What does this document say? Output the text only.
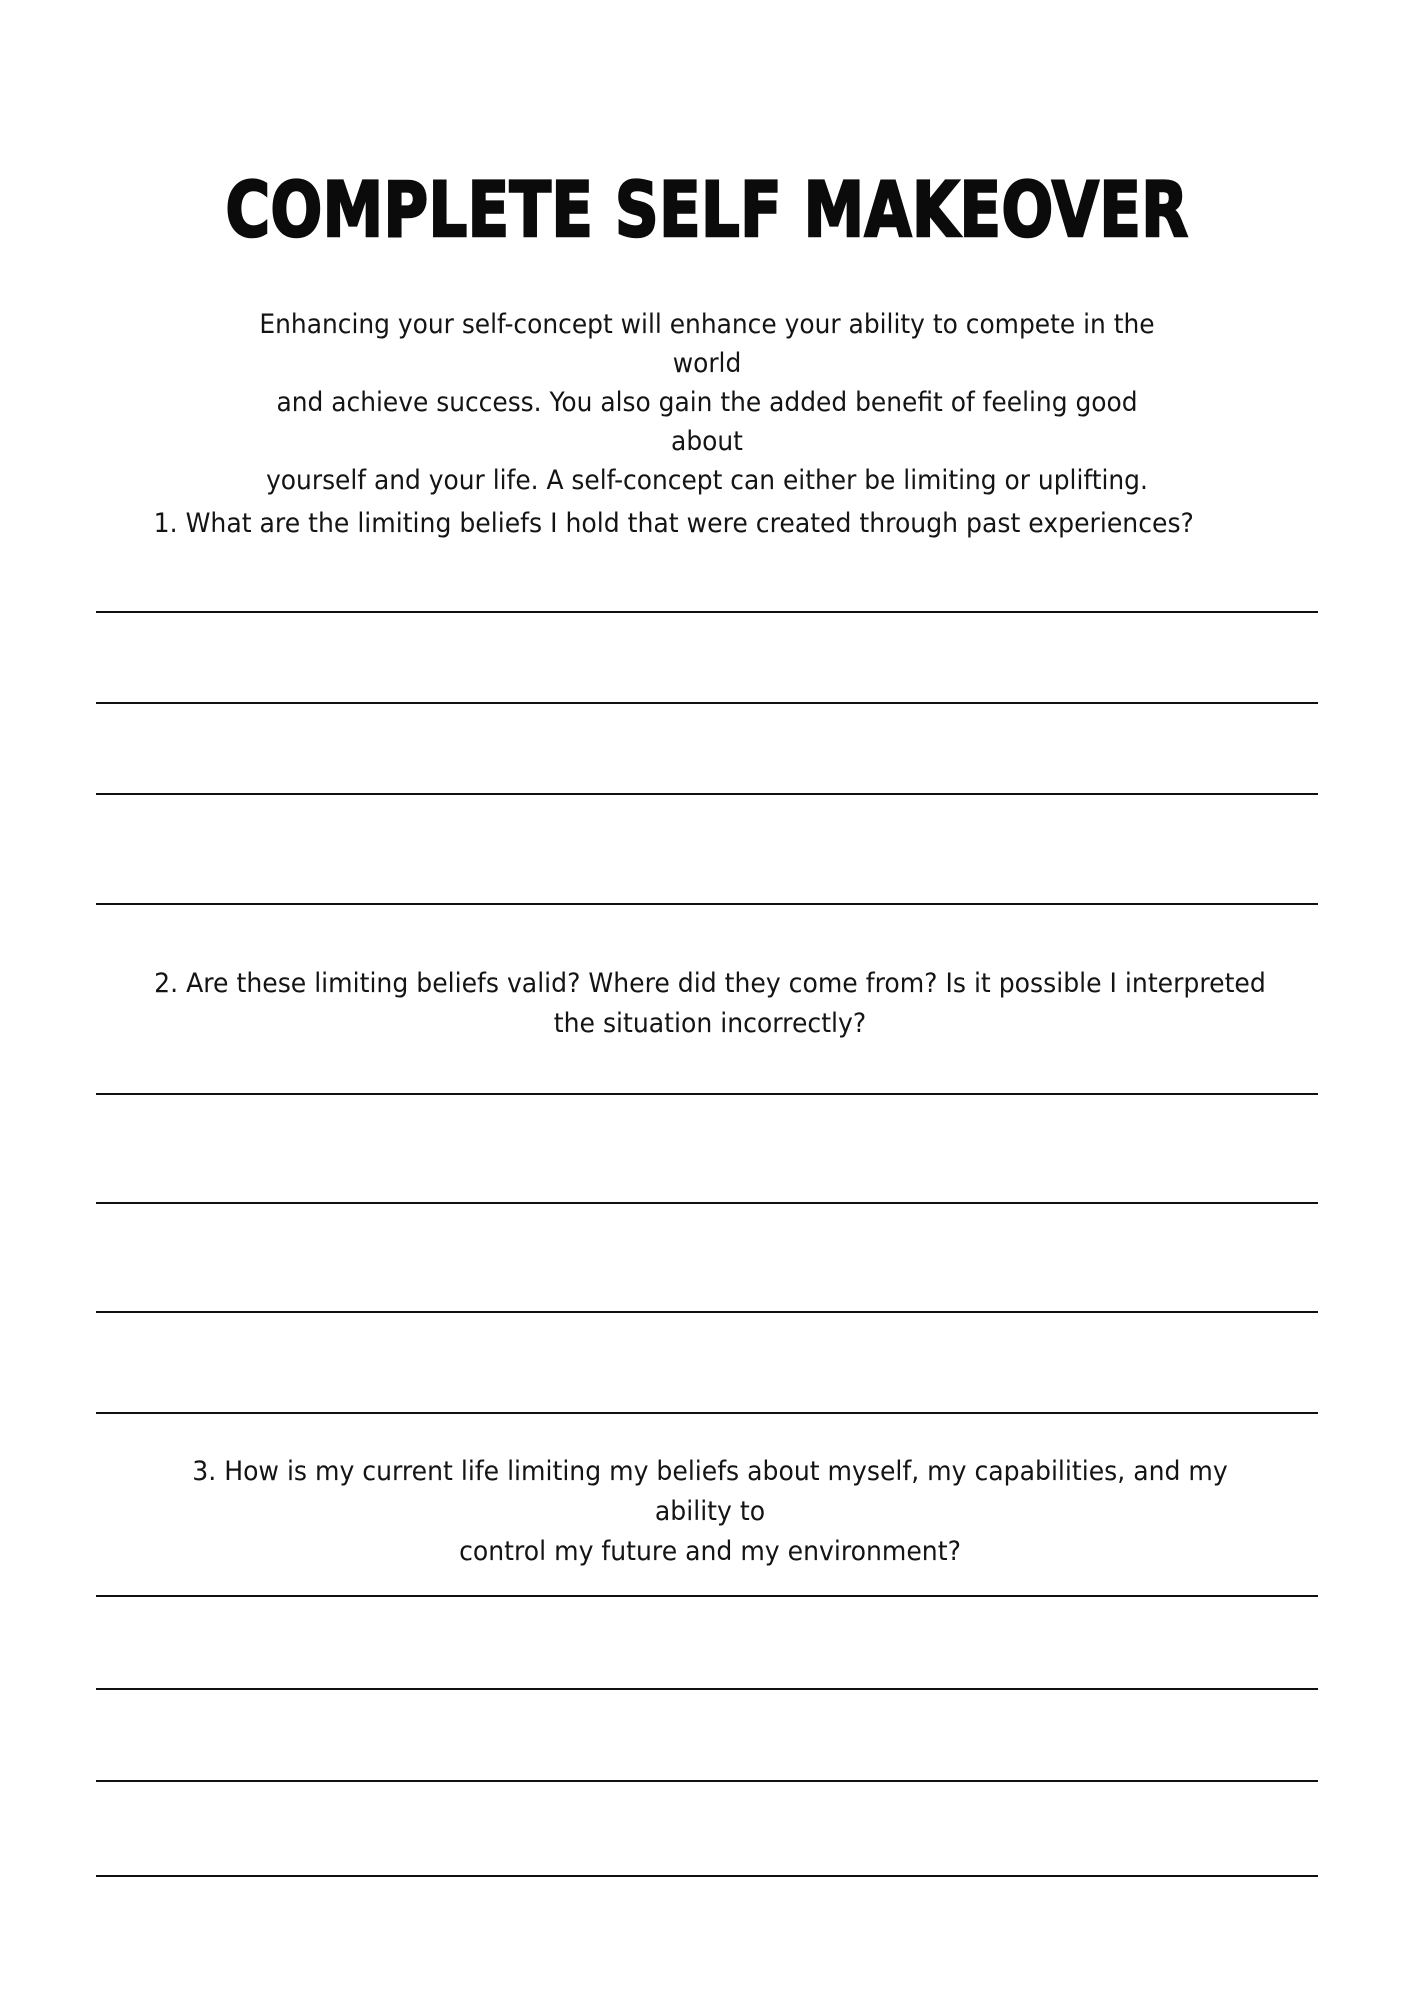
COMPLETE SELF MAKEOVER
Enhancing your self-concept will enhance your ability to compete in the world
and achieve success. You also gain the added benefit of feeling good about
yourself and your life. A self-concept can either be limiting or uplifting.
1. What are the limiting beliefs I hold that were created through past experiences?
2. Are these limiting beliefs valid? Where did they come from? Is it possible I interpreted
the situation incorrectly?
3. How is my current life limiting my beliefs about myself, my capabilities, and my ability to
control my future and my environment?
